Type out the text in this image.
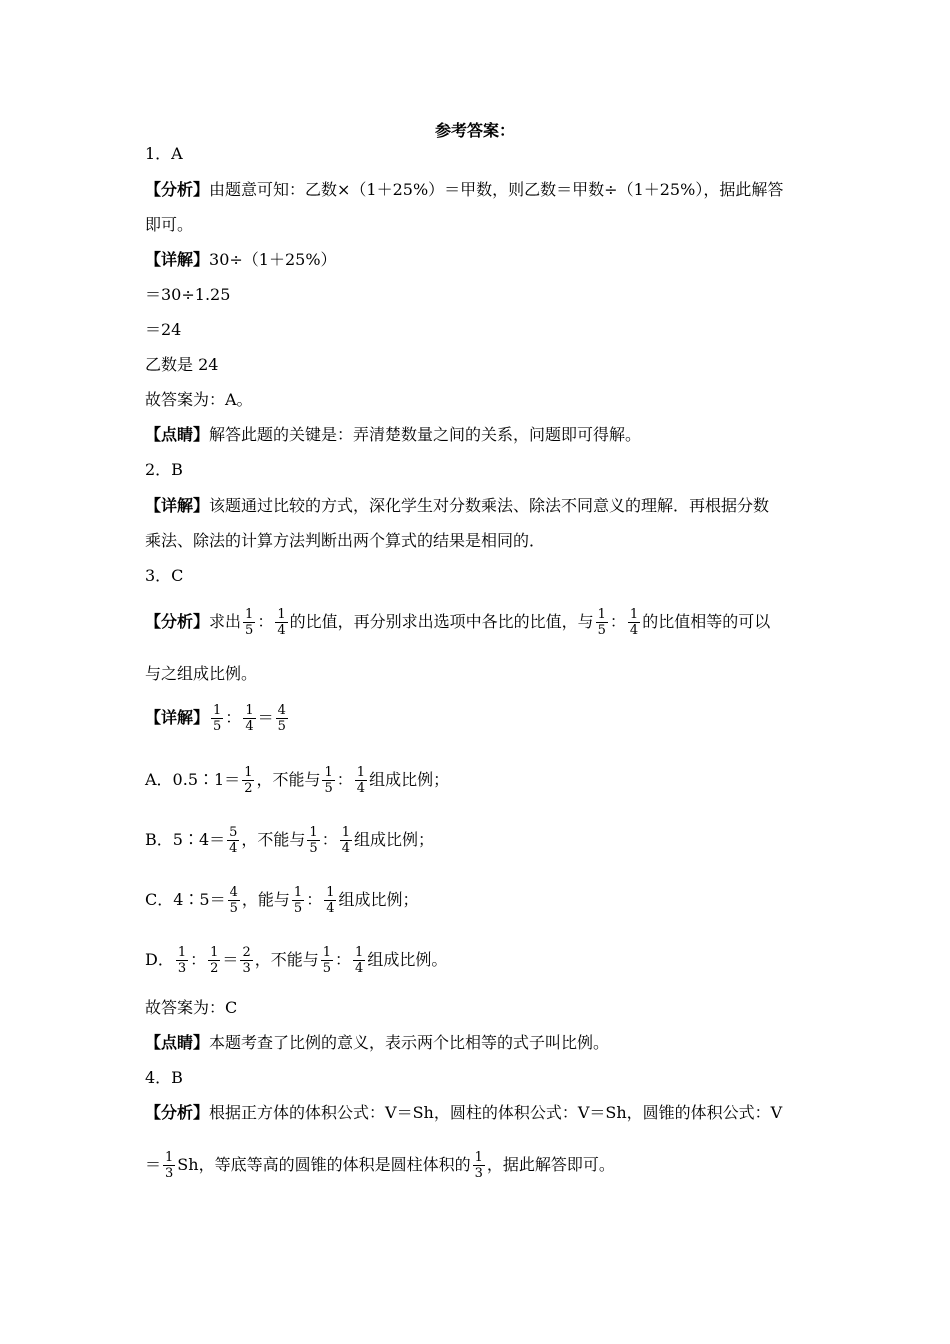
参考答案：
1．A
【分析】由题意可知：乙数×（1＋25%）＝甲数，则乙数＝甲数÷（1＋25%），据此解答
即可。
【详解】30÷（1＋25%）
＝30÷1.25
＝24
乙数是 24
故答案为：A。
【点睛】解答此题的关键是：弄清楚数量之间的关系，问题即可得解。
2．B
【详解】该题通过比较的方式，深化学生对分数乘法、除法不同意义的理解．再根据分数
乘法、除法的计算方法判断出两个算式的结果是相同的．
3．C
【分析】求出 $\frac{1}{5}$ ： $\frac{1}{4}$ 的比值，再分别求出选项中各比的比值，与 $\frac{1}{5}$ ： $\frac{1}{4}$ 的比值相等的可以
与之组成比例。
【详解】 $\frac{1}{5}$ ： $\frac{1}{4} = \frac{4}{5}$
A．0.5∶1＝ $\frac{1}{2}$ ，不能与 $\frac{1}{5}$ ： $\frac{1}{4}$ 组成比例；
B．5∶4＝ $\frac{5}{4}$ ，不能与 $\frac{1}{5}$ ： $\frac{1}{4}$ 组成比例；
C．4∶5＝ $\frac{4}{5}$ ，能与 $\frac{1}{5}$ ： $\frac{1}{4}$ 组成比例；
D． $\frac{1}{3}$ ： $\frac{1}{2} = \frac{2}{3}$ ，不能与 $\frac{1}{5}$ ： $\frac{1}{4}$ 组成比例。
故答案为：C
【点睛】本题考查了比例的意义，表示两个比相等的式子叫比例。
4．B
【分析】根据正方体的体积公式：V＝Sh，圆柱的体积公式：V＝Sh，圆锥的体积公式：V
＝ $\frac{1}{3}$ Sh，等底等高的圆锥的体积是圆柱体积的 $\frac{1}{3}$ ，据此解答即可。
